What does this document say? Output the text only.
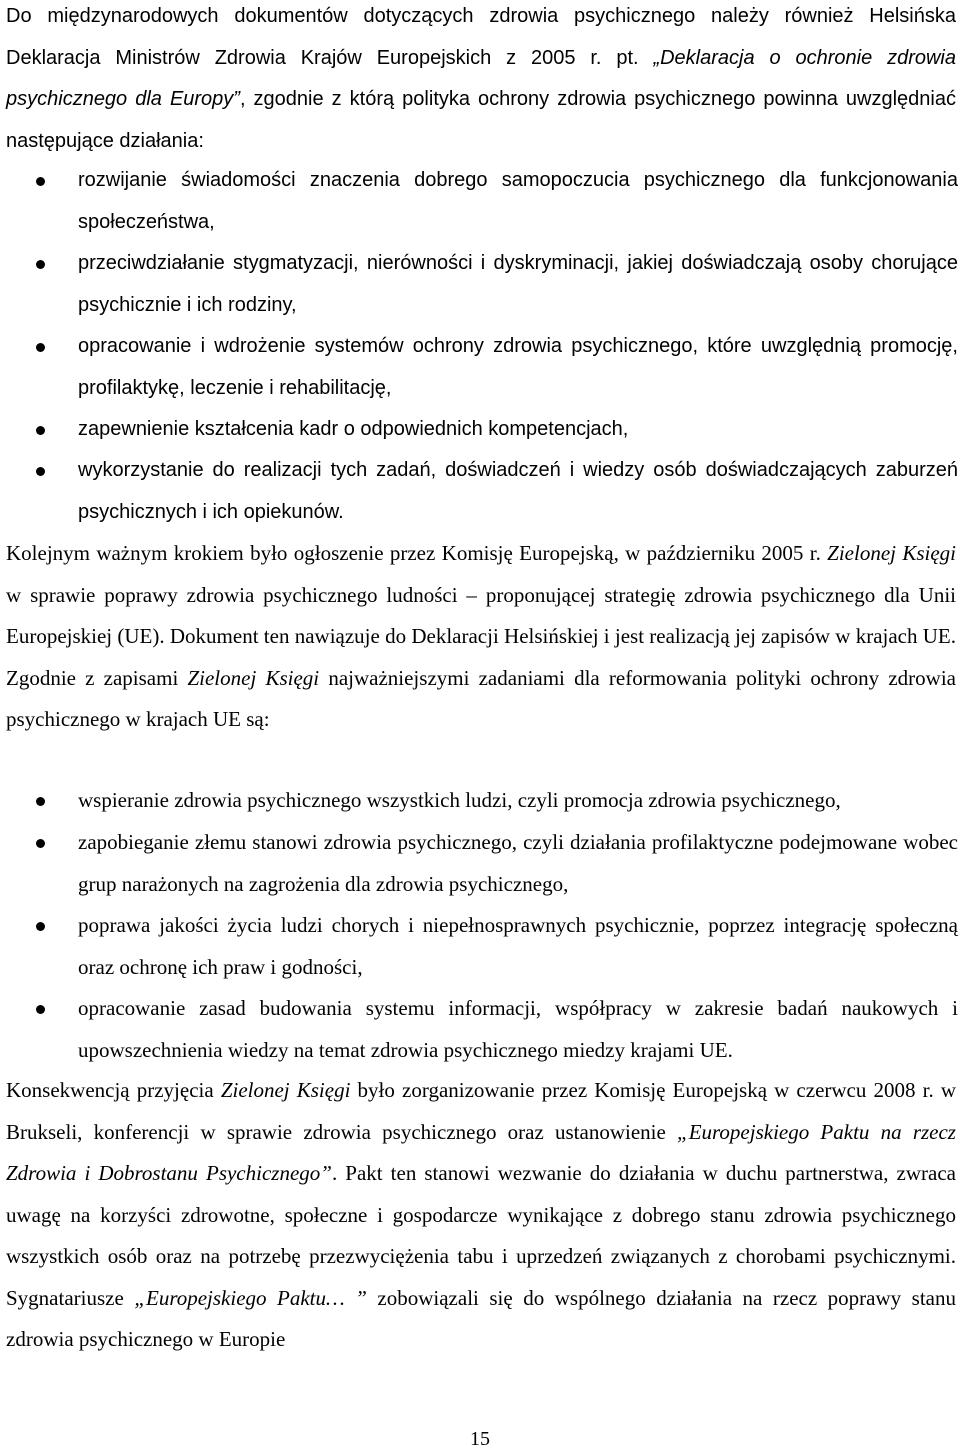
Do międzynarodowych dokumentów dotyczących zdrowia psychicznego należy również Helsińska Deklaracja Ministrów Zdrowia Krajów Europejskich z 2005 r. pt. „Deklaracja o ochronie zdrowia psychicznego dla Europy”, zgodnie z którą polityka ochrony zdrowia psychicznego powinna uwzględniać następujące działania:

rozwijanie świadomości znaczenia dobrego samopoczucia psychicznego dla funkcjonowania społeczeństwa,

przeciwdziałanie stygmatyzacji, nierówności i dyskryminacji, jakiej doświadczają osoby chorujące psychicznie i ich rodziny,

opracowanie i wdrożenie systemów ochrony zdrowia psychicznego, które uwzględnią promocję, profilaktykę, leczenie i rehabilitację,

zapewnienie kształcenia kadr o odpowiednich kompetencjach,

wykorzystanie do realizacji tych zadań, doświadczeń i wiedzy osób doświadczających zaburzeń psychicznych i ich opiekunów.

Kolejnym ważnym krokiem było ogłoszenie przez Komisję Europejską, w październiku 2005 r. Zielonej Księgi w sprawie poprawy zdrowia psychicznego ludności – proponującej strategię zdrowia psychicznego dla Unii Europejskiej (UE). Dokument ten nawiązuje do Deklaracji Helsińskiej i jest realizacją jej zapisów w krajach UE. Zgodnie z zapisami Zielonej Księgi najważniejszymi zadaniami dla reformowania polityki ochrony zdrowia psychicznego w krajach UE są:

wspieranie zdrowia psychicznego wszystkich ludzi, czyli promocja zdrowia psychicznego,

zapobieganie złemu stanowi zdrowia psychicznego, czyli działania profilaktyczne podejmowane wobec grup narażonych na zagrożenia dla zdrowia psychicznego,

poprawa jakości życia ludzi chorych i niepełnosprawnych psychicznie, poprzez integrację społeczną oraz ochronę ich praw i godności,

opracowanie zasad budowania systemu informacji, współpracy w zakresie badań naukowych i upowszechnienia wiedzy na temat zdrowia psychicznego miedzy krajami UE.

Konsekwencją przyjęcia Zielonej Księgi było zorganizowanie przez Komisję Europejską w czerwcu 2008 r. w Brukseli, konferencji w sprawie zdrowia psychicznego oraz ustanowienie „Europejskiego Paktu na rzecz Zdrowia i Dobrostanu Psychicznego”. Pakt ten stanowi wezwanie do działania w duchu partnerstwa, zwraca uwagę na korzyści zdrowotne, społeczne i gospodarcze wynikające z dobrego stanu zdrowia psychicznego wszystkich osób oraz na potrzebę przezwyciężenia tabu i uprzedzeń związanych z chorobami psychicznymi. Sygnatariusze „Europejskiego Paktu… ” zobowiązali się do wspólnego działania na rzecz poprawy stanu zdrowia psychicznego w Europie

15
